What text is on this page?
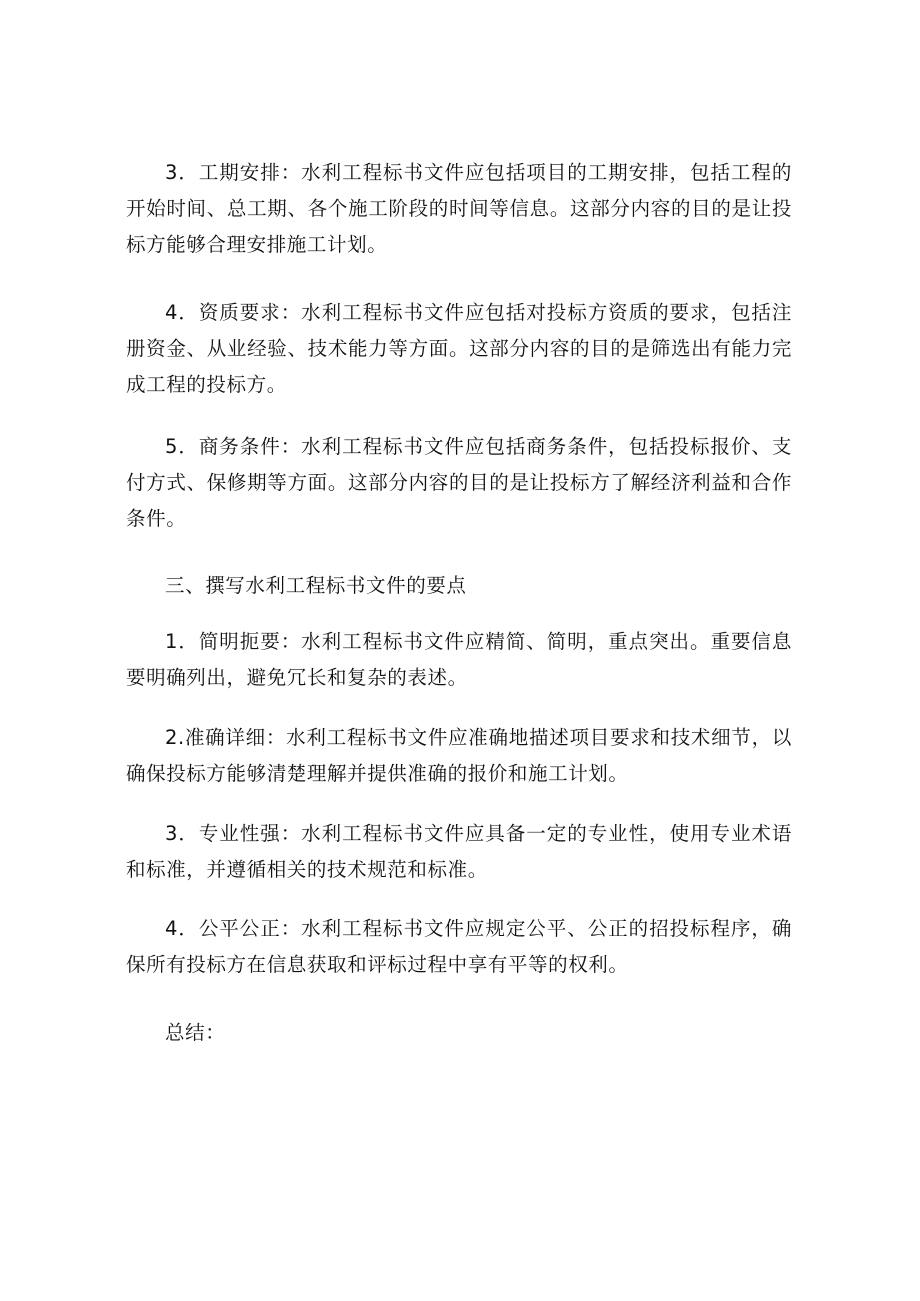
3．工期安排：水利工程标书文件应包括项目的工期安排，包括工程的开始时间、总工期、各个施工阶段的时间等信息。这部分内容的目的是让投标方能够合理安排施工计划。

4．资质要求：水利工程标书文件应包括对投标方资质的要求，包括注册资金、从业经验、技术能力等方面。这部分内容的目的是筛选出有能力完成工程的投标方。

5．商务条件：水利工程标书文件应包括商务条件，包括投标报价、支付方式、保修期等方面。这部分内容的目的是让投标方了解经济利益和合作条件。

三、撰写水利工程标书文件的要点

1．简明扼要：水利工程标书文件应精简、简明，重点突出。重要信息要明确列出，避免冗长和复杂的表述。

2.准确详细：水利工程标书文件应准确地描述项目要求和技术细节，以确保投标方能够清楚理解并提供准确的报价和施工计划。

3．专业性强：水利工程标书文件应具备一定的专业性，使用专业术语和标准，并遵循相关的技术规范和标准。

4．公平公正：水利工程标书文件应规定公平、公正的招投标程序，确保所有投标方在信息获取和评标过程中享有平等的权利。

总结：
